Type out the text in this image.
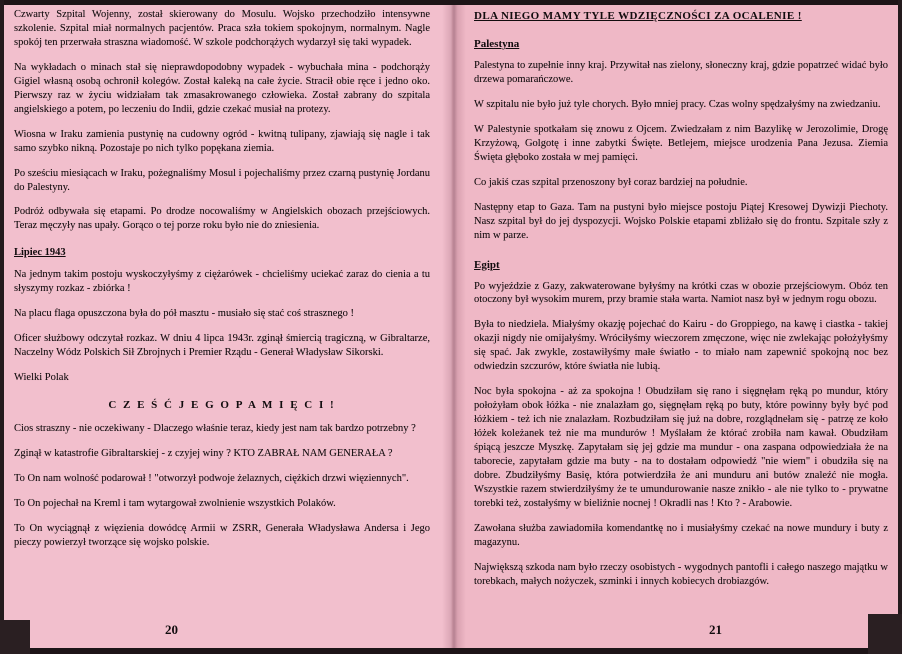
Czwarty Szpital Wojenny, został skierowany do Mosulu. Wojsko przechodziło intensywne szkolenie. Szpital miał normalnych pacjentów. Praca szła tokiem spokojnym, normalnym. Nagle spokój ten przerwała straszna wiadomość. W szkole podchorążych wydarzył się taki wypadek.

Na wykładach o minach stał się nieprawdopodobny wypadek - wybuchała mina - podchorąży Gigiel własną osobą ochronił kolegów. Został kaleką na całe życie. Stracił obie ręce i jedno oko. Pierwszy raz w życiu widziałam tak zmasakrowanego człowieka. Został zabrany do szpitala angielskiego a potem, po leczeniu do Indii, gdzie czekać musiał na protezy.

Wiosna w Iraku zamienia pustynię na cudowny ogród - kwitną tulipany, zjawiają się nagle i tak samo szybko nikną. Pozostaje po nich tylko popękana ziemia.

Po sześciu miesiącach w Iraku, pożegnaliśmy Mosul i pojechaliśmy przez czarną pustynię Jordanu do Palestyny.

Podróż odbywała się etapami. Po drodze nocowaliśmy w Angielskich obozach przejściowych. Teraz męczyły nas upały. Gorąco o tej porze roku było nie do zniesienia.

Lipiec 1943

Na jednym takim postoju wyskoczyłyśmy z ciężarówek - chcieliśmy uciekać zaraz do cienia a tu słyszymy rozkaz - zbiórka !

Na placu flaga opuszczona była do pół masztu - musiało się stać coś strasznego !

Oficer służbowy odczytał rozkaz. W dniu 4 lipca 1943r. zginął śmiercią tragiczną, w Gibraltarze, Naczelny Wódz Polskich Sił Zbrojnych i Premier Rządu - Generał Władysław Sikorski.

Wielki Polak

C Z E Ś Ć J E G O P A M I Ę C I !

Cios straszny - nie oczekiwany - Dlaczego właśnie teraz, kiedy jest nam tak bardzo potrzebny ?

Zginął w katastrofie Gibraltarskiej - z czyjej winy ? KTO ZABRAŁ NAM GENERAŁA ?

To On nam wolność podarował ! "otworzył podwoje żelaznych, ciężkich drzwi więziennych".

To On pojechał na Kreml i tam wytargował zwolnienie wszystkich Polaków.

To On wyciągnął z więzienia dowódcę Armii w ZSRR, Generała Władysława Andersa i Jego pieczy powierzył tworzące się wojsko polskie.

20
DLA NIEGO MAMY TYLE WDZIĘCZNOŚCI ZA OCALENIE !
Palestyna

Palestyna to zupełnie inny kraj. Przywitał nas zielony, słoneczny kraj, gdzie popatrzeć widać było drzewa pomarańczowe.

W szpitalu nie było już tyle chorych. Było mniej pracy. Czas wolny spędzałyśmy na zwiedzaniu.

W Palestynie spotkałam się znowu z Ojcem. Zwiedzałam z nim Bazylikę w Jerozolimie, Drogę Krzyżową, Golgotę i inne zabytki Święte. Betlejem, miejsce urodzenia Pana Jezusa. Ziemia Święta głęboko została w mej pamięci.

Co jakiś czas szpital przenoszony był coraz bardziej na południe.

Następny etap to Gaza. Tam na pustyni było miejsce postoju Piątej Kresowej Dywizji Piechoty. Nasz szpital był do jej dyspozycji. Wojsko Polskie etapami zbliżało się do frontu. Szpitale szły z nim w parze.

Egipt

Po wyjeździe z Gazy, zakwaterowane byłyśmy na krótki czas w obozie przejściowym. Obóz ten otoczony był wysokim murem, przy bramie stała warta. Namiot nasz był w jednym rogu obozu.

Była to niedziela. Miałyśmy okazję pojechać do Kairu - do Groppiego, na kawę i ciastka - takiej okazji nigdy nie omijałyśmy. Wróciłyśmy wieczorem zmęczone, więc nie zwlekając położyłyśmy się spać. Jak zwykle, zostawiłyśmy małe światło - to miało nam zapewnić spokojną noc bez odwiedzin szczurów, które światła nie lubią.

Noc była spokojna - aż za spokojna ! Obudziłam się rano i sięgnęłam ręką po mundur, który położyłam obok łóżka - nie znalazłam go, sięgnęłam ręką po buty, które powinny były być pod łóżkiem - też ich nie znalazłam. Rozbudziłam się już na dobre, rozglądnełam się - patrzę ze koło łóżek koleżanek też nie ma mundurów ! Myślałam że którać zrobiła nam kawał. Obudziłam śpiącą jeszcze Myszkę. Zapytałam się jej gdzie ma mundur - ona zaspana odpowiedziała że na taborecie, zapytałam gdzie ma buty - na to dostałam odpowiedź "nie wiem" i obudziła się na dobre. Zbudziłyśmy Basię, która potwierdziła że ani munduru ani butów znaleźć nie mogła. Wszystkie razem stwierdziłyśmy że te umundurowanie nasze znikło - ale nie tylko to - prywatne torebki też, zostałyśmy w bieliźnie nocnej ! Okradli nas ! Kto ? - Arabowie.

Zawołana służba zawiadomiła komendantkę no i musiałyśmy czekać na nowe mundury i buty z magazynu.

Największą szkoda nam było rzeczy osobistych - wygodnych pantofli i całego naszego majątku w torebkach, małych nożyczek, szminki i innych kobiecych drobiazgów.

21
